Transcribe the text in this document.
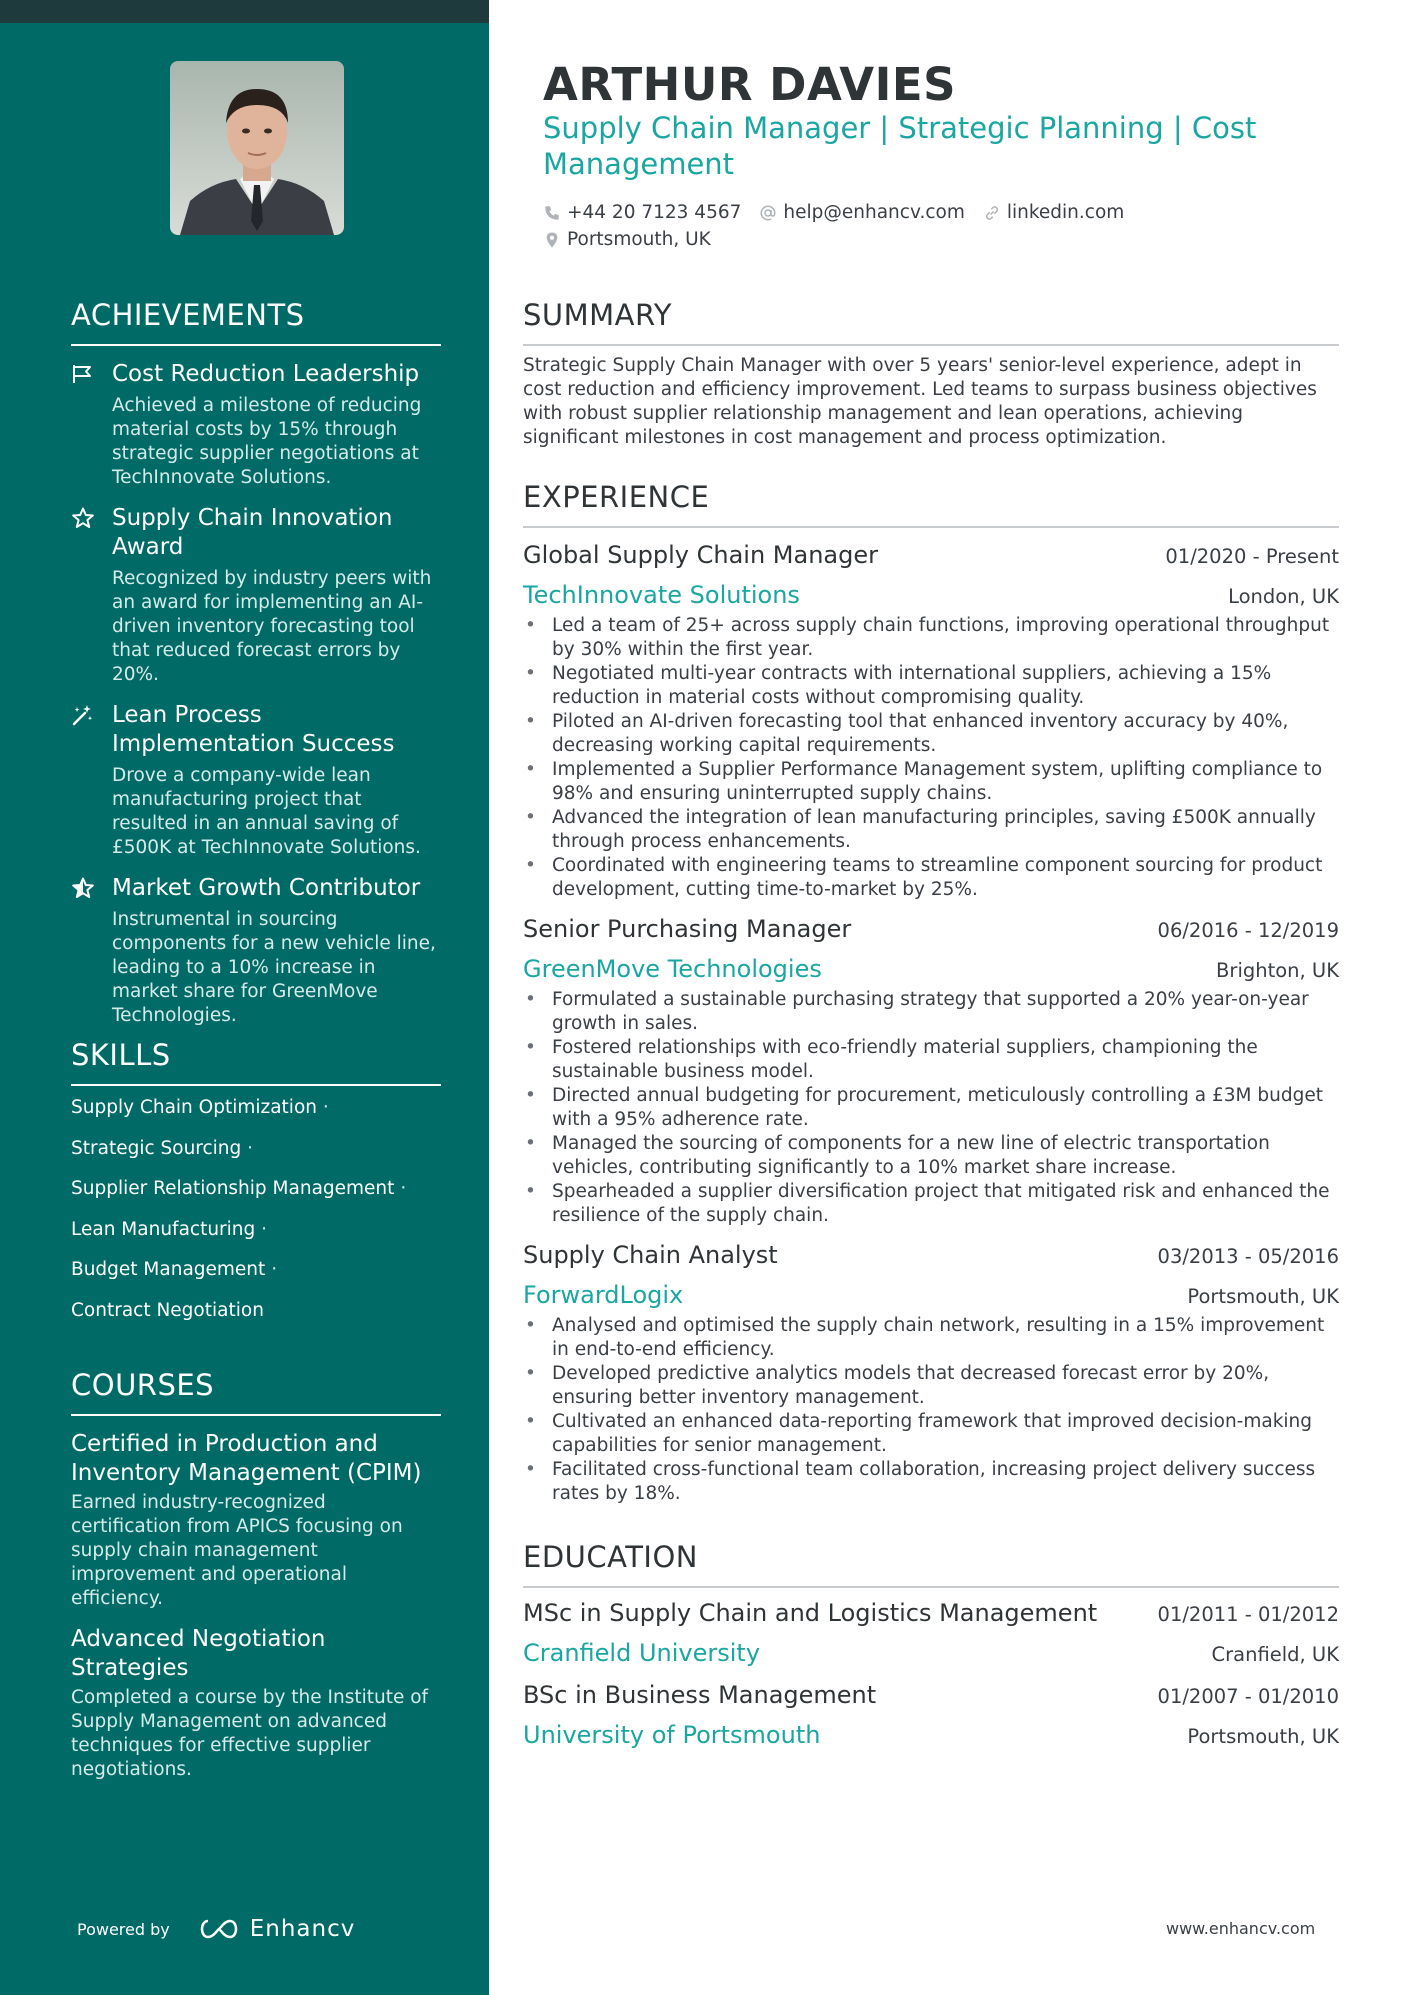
ACHIEVEMENTS
Cost Reduction Leadership
Achieved a milestone of reducing material costs by 15% through strategic supplier negotiations at TechInnovate Solutions.
Supply Chain Innovation Award
Recognized by industry peers with an award for implementing an AI-driven inventory forecasting tool that reduced forecast errors by 20%.
Lean Process Implementation Success
Drove a company-wide lean manufacturing project that resulted in an annual saving of £500K at TechInnovate Solutions.
Market Growth Contributor
Instrumental in sourcing components for a new vehicle line, leading to a 10% increase in market share for GreenMove Technologies.
SKILLS
Supply Chain Optimization ·
Strategic Sourcing ·
Supplier Relationship Management ·
Lean Manufacturing ·
Budget Management ·
Contract Negotiation
COURSES
Certified in Production and Inventory Management (CPIM)
Earned industry-recognized certification from APICS focusing on supply chain management improvement and operational efficiency.
Advanced Negotiation Strategies
Completed a course by the Institute of Supply Management on advanced techniques for effective supplier negotiations.
Powered by	Enhancv
ARTHUR DAVIES
Supply Chain Manager | Strategic Planning | Cost Management
+44 20 7123 4567 help@enhancv.com linkedin.com
Portsmouth, UK
SUMMARY

Strategic Supply Chain Manager with over 5 years' senior-level experience, adept in cost reduction and efficiency improvement. Led teams to surpass business objectives with robust supplier relationship management and lean operations, achieving significant milestones in cost management and process optimization.

EXPERIENCE
Global Supply Chain Manager	01/2020 - Present
TechInnovate Solutions	London, UK
• Led a team of 25+ across supply chain functions, improving operational throughput by 30% within the first year.
• Negotiated multi-year contracts with international suppliers, achieving a 15% reduction in material costs without compromising quality.
• Piloted an AI-driven forecasting tool that enhanced inventory accuracy by 40%, decreasing working capital requirements.
• Implemented a Supplier Performance Management system, uplifting compliance to 98% and ensuring uninterrupted supply chains.
• Advanced the integration of lean manufacturing principles, saving £500K annually through process enhancements.
• Coordinated with engineering teams to streamline component sourcing for product development, cutting time-to-market by 25%.
Senior Purchasing Manager	06/2016 - 12/2019
GreenMove Technologies	Brighton, UK
• Formulated a sustainable purchasing strategy that supported a 20% year-on-year growth in sales.
• Fostered relationships with eco-friendly material suppliers, championing the sustainable business model.
• Directed annual budgeting for procurement, meticulously controlling a £3M budget with a 95% adherence rate.
• Managed the sourcing of components for a new line of electric transportation vehicles, contributing significantly to a 10% market share increase.
• Spearheaded a supplier diversification project that mitigated risk and enhanced the resilience of the supply chain.
Supply Chain Analyst	03/2013 - 05/2016
ForwardLogix	Portsmouth, UK
• Analysed and optimised the supply chain network, resulting in a 15% improvement in end-to-end efficiency.
• Developed predictive analytics models that decreased forecast error by 20%, ensuring better inventory management.
• Cultivated an enhanced data-reporting framework that improved decision-making capabilities for senior management.
• Facilitated cross-functional team collaboration, increasing project delivery success rates by 18%.
EDUCATION
MSc in Supply Chain and Logistics Management	01/2011 - 01/2012
Cranfield University	Cranfield, UK
BSc in Business Management	01/2007 - 01/2010
University of Portsmouth	Portsmouth, UK
www.enhancv.com
